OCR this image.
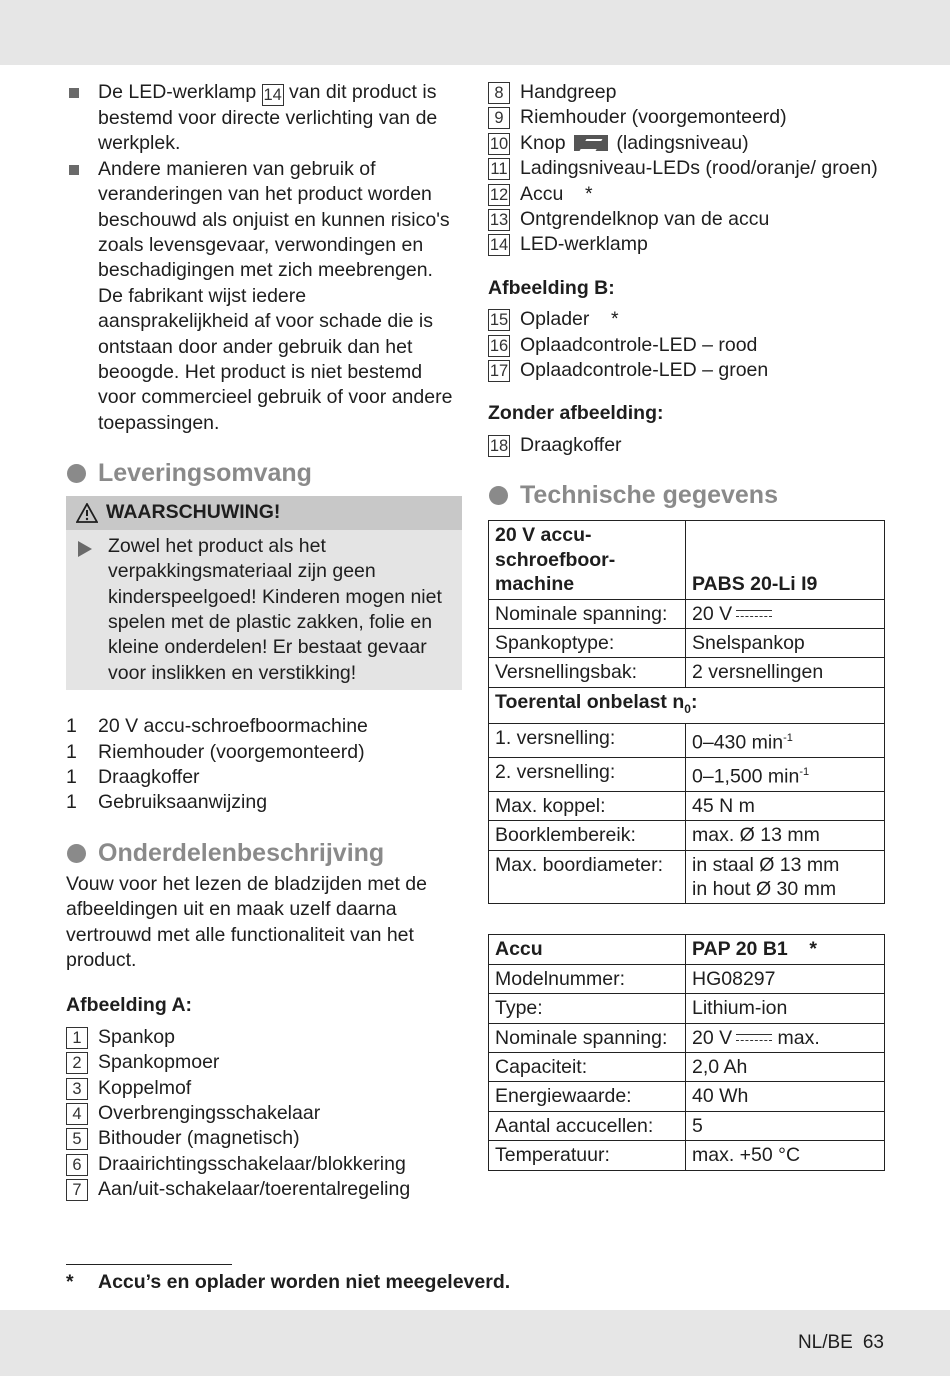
De LED-werklamp 14 van dit product is bestemd voor directe verlichting van de werkplek.
Andere manieren van gebruik of veranderingen van het product worden beschouwd als onjuist en kunnen risico's zoals levensgevaar, verwondingen en beschadigingen met zich meebrengen. De fabrikant wijst iedere aansprakelijkheid af voor schade die is ontstaan door ander gebruik dan het beoogde. Het product is niet bestemd voor commercieel gebruik of voor andere toepassingen.
Leveringsomvang
WAARSCHUWING!
Zowel het product als het verpakkingsmateriaal zijn geen kinderspeelgoed! Kinderen mogen niet spelen met de plastic zakken, folie en kleine onderdelen! Er bestaat gevaar voor inslikken en verstikking!
1	20 V accu-schroefboormachine
1	Riemhouder (voorgemonteerd)
1	Draagkoffer
1	Gebruiksaanwijzing
Onderdelenbeschrijving
Vouw voor het lezen de bladzijden met de afbeeldingen uit en maak uzelf daarna vertrouwd met alle functionaliteit van het product.
Afbeelding A:
1 Spankop
2 Spankopmoer
3 Koppelmof
4 Overbrengingsschakelaar
5 Bithouder (magnetisch)
6 Draairichtingsschakelaar/blokkering
7 Aan/uit-schakelaar/toerentalregeling
8 Handgreep
9 Riemhouder (voorgemonteerd)
10 Knop	(ladingsniveau)
11 Ladingsniveau-LEDs (rood/oranje/ groen)
12 Accu    *
13 Ontgrendelknop van de accu
14 LED-werklamp
Afbeelding B:
15 Oplader    *
16 Oplaadcontrole-LED – rood
17 Oplaadcontrole-LED – groen
Zonder afbeelding:
18 Draagkoffer
Technische gegevens
20 V accu-schroefboor-machine	PABS 20-Li I9
Nominale spanning:	20 V
Spankoptype:	Snelspankop
Versnellingsbak:	2 versnellingen
Toerental onbelast $n_0$:	
1. versnelling:	0–430 $\min^{-1}$
2. versnelling:	0–1,500 $\min^{-1}$
Max. koppel:	45 N m
Boorklembereik:	max. Ø 13 mm
Max. boordiameter:	in staal Ø 13 mm
in hout Ø 30 mm
Accu	PAP 20 B1    *
Modelnummer:	HG08297
Type:	Lithium-ion
Nominale spanning:	20 V max.
Capaciteit:	2,0 Ah
Energiewaarde:	40 Wh
Aantal accucellen:	5
Temperatuur:	max. +50 °C
*	Accu’s en oplader worden niet meegeleverd.
NL/BE 63
